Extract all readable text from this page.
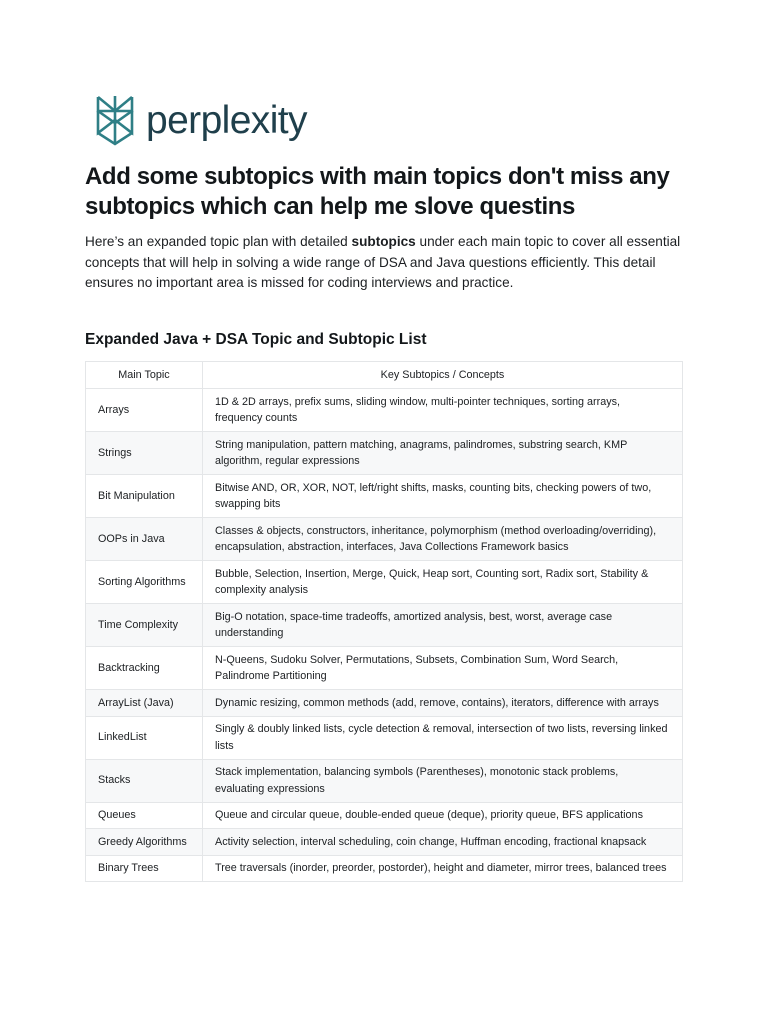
perplexity
Add some subtopics with main topics don't miss any subtopics which can help me slove questins

Here’s an expanded topic plan with detailed subtopics under each main topic to cover all essential concepts that will help in solving a wide range of DSA and Java questions efficiently. This detail ensures no important area is missed for coding interviews and practice.

Expanded Java + DSA Topic and Subtopic List
Main Topic	Key Subtopics / Concepts
Arrays	1D & 2D arrays, prefix sums, sliding window, multi-pointer techniques, sorting arrays, frequency counts
Strings	String manipulation, pattern matching, anagrams, palindromes, substring search, KMP algorithm, regular expressions
Bit Manipulation	Bitwise AND, OR, XOR, NOT, left/right shifts, masks, counting bits, checking powers of two, swapping bits
OOPs in Java	Classes & objects, constructors, inheritance, polymorphism (method overloading/overriding), encapsulation, abstraction, interfaces, Java Collections Framework basics
Sorting Algorithms	Bubble, Selection, Insertion, Merge, Quick, Heap sort, Counting sort, Radix sort, Stability & complexity analysis
Time Complexity	Big-O notation, space-time tradeoffs, amortized analysis, best, worst, average case understanding
Backtracking	N-Queens, Sudoku Solver, Permutations, Subsets, Combination Sum, Word Search, Palindrome Partitioning
ArrayList (Java)	Dynamic resizing, common methods (add, remove, contains), iterators, difference with arrays
LinkedList	Singly & doubly linked lists, cycle detection & removal, intersection of two lists, reversing linked lists
Stacks	Stack implementation, balancing symbols (Parentheses), monotonic stack problems, evaluating expressions
Queues	Queue and circular queue, double-ended queue (deque), priority queue, BFS applications
Greedy Algorithms	Activity selection, interval scheduling, coin change, Huffman encoding, fractional knapsack
Binary Trees	Tree traversals (inorder, preorder, postorder), height and diameter, mirror trees, balanced trees
